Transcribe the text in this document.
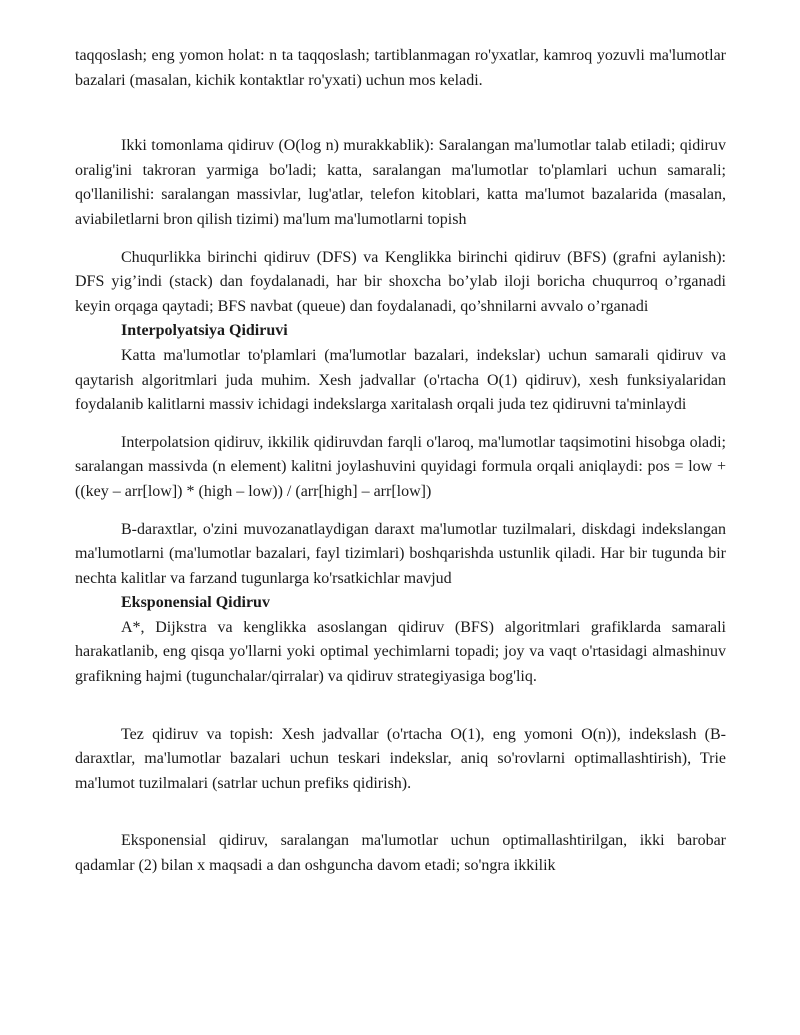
taqqoslash; eng yomon holat: n ta taqqoslash; tartiblanmagan ro'yxatlar, kamroq yozuvli ma'lumotlar bazalari (masalan, kichik kontaktlar ro'yxati) uchun mos keladi.

Ikki tomonlama qidiruv (O(log n) murakkablik): Saralangan ma'lumotlar talab etiladi; qidiruv oralig'ini takroran yarmiga bo'ladi; katta, saralangan ma'lumotlar to'plamlari uchun samarali; qo'llanilishi: saralangan massivlar, lug'atlar, telefon kitoblari, katta ma'lumot bazalarida (masalan, aviabiletlarni bron qilish tizimi) ma'lum ma'lumotlarni topish

Chuqurlikka birinchi qidiruv (DFS) va Kenglikka birinchi qidiruv (BFS) (grafni aylanish): DFS yig’indi (stack) dan foydalanadi, har bir shoxcha bo’ylab iloji boricha chuqurroq o’rganadi keyin orqaga qaytadi; BFS navbat (queue) dan foydalanadi, qo’shnilarni avvalo o’rganadi

Interpolyatsiya Qidiruvi

Katta ma'lumotlar to'plamlari (ma'lumotlar bazalari, indekslar) uchun samarali qidiruv va qaytarish algoritmlari juda muhim. Xesh jadvallar (o'rtacha O(1) qidiruv), xesh funksiyalaridan foydalanib kalitlarni massiv ichidagi indekslarga xaritalash orqali juda tez qidiruvni ta'minlaydi

Interpolatsion qidiruv, ikkilik qidiruvdan farqli o'laroq, ma'lumotlar taqsimotini hisobga oladi; saralangan massivda (n element) kalitni joylashuvini quyidagi formula orqali aniqlaydi: pos = low + ((key – arr[low]) * (high – low)) / (arr[high] – arr[low])

B-daraxtlar, o'zini muvozanatlaydigan daraxt ma'lumotlar tuzilmalari, diskdagi indekslangan ma'lumotlarni (ma'lumotlar bazalari, fayl tizimlari) boshqarishda ustunlik qiladi. Har bir tugunda bir nechta kalitlar va farzand tugunlarga ko'rsatkichlar mavjud

Eksponensial Qidiruv

A*, Dijkstra va kenglikka asoslangan qidiruv (BFS) algoritmlari grafiklarda samarali harakatlanib, eng qisqa yo'llarni yoki optimal yechimlarni topadi; joy va vaqt o'rtasidagi almashinuv grafikning hajmi (tugunchalar/qirralar) va qidiruv strategiyasiga bog'liq.

Tez qidiruv va topish: Xesh jadvallar (o'rtacha O(1), eng yomoni O(n)), indekslash (B-daraxtlar, ma'lumotlar bazalari uchun teskari indekslar, aniq so'rovlarni optimallashtirish), Trie ma'lumot tuzilmalari (satrlar uchun prefiks qidirish).

Eksponensial qidiruv, saralangan ma'lumotlar uchun optimallashtirilgan, ikki barobar qadamlar (2) bilan x maqsadi a dan oshguncha davom etadi; so'ngra ikkilik
